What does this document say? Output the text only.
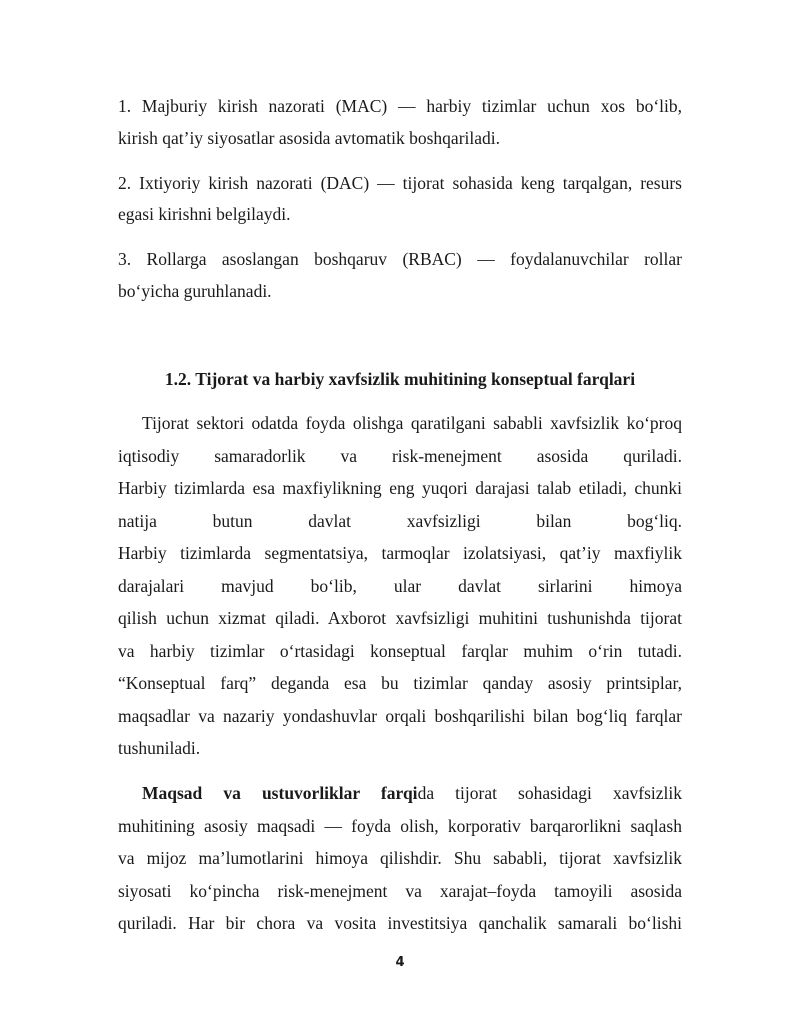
1. Majburiy kirish nazorati (MAC) — harbiy tizimlar uchun xos bo‘lib,
kirish qat’iy siyosatlar asosida avtomatik boshqariladi.
2. Ixtiyoriy kirish nazorati (DAC) — tijorat sohasida keng tarqalgan, resurs
egasi kirishni belgilaydi.
3. Rollarga asoslangan boshqaruv (RBAC) — foydalanuvchilar rollar
bo‘yicha guruhlanadi.
1.2. Tijorat va harbiy xavfsizlik muhitining konseptual farqlari
Tijorat sektori odatda foyda olishga qaratilgani sababli xavfsizlik ko‘proq
iqtisodiy samaradorlik va risk-menejment asosida quriladi.
Harbiy tizimlarda esa maxfiylikning eng yuqori darajasi talab etiladi, chunki
natija butun davlat xavfsizligi bilan bog‘liq.
Harbiy tizimlarda segmentatsiya, tarmoqlar izolatsiyasi, qat’iy maxfiylik
darajalari mavjud bo‘lib, ular davlat sirlarini himoya
qilish uchun xizmat qiladi. Axborot xavfsizligi muhitini tushunishda tijorat
va harbiy tizimlar o‘rtasidagi konseptual farqlar muhim o‘rin tutadi.
“Konseptual farq” deganda esa bu tizimlar qanday asosiy printsiplar,
maqsadlar va nazariy yondashuvlar orqali boshqarilishi bilan bog‘liq farqlar
tushuniladi.
Maqsad va ustuvorliklar farqida tijorat sohasidagi xavfsizlik
muhitining asosiy maqsadi — foyda olish, korporativ barqarorlikni saqlash
va mijoz ma’lumotlarini himoya qilishdir. Shu sababli, tijorat xavfsizlik
siyosati ko‘pincha risk-menejment va xarajat–foyda tamoyili asosida
quriladi. Har bir chora va vosita investitsiya qanchalik samarali bo‘lishi
4
